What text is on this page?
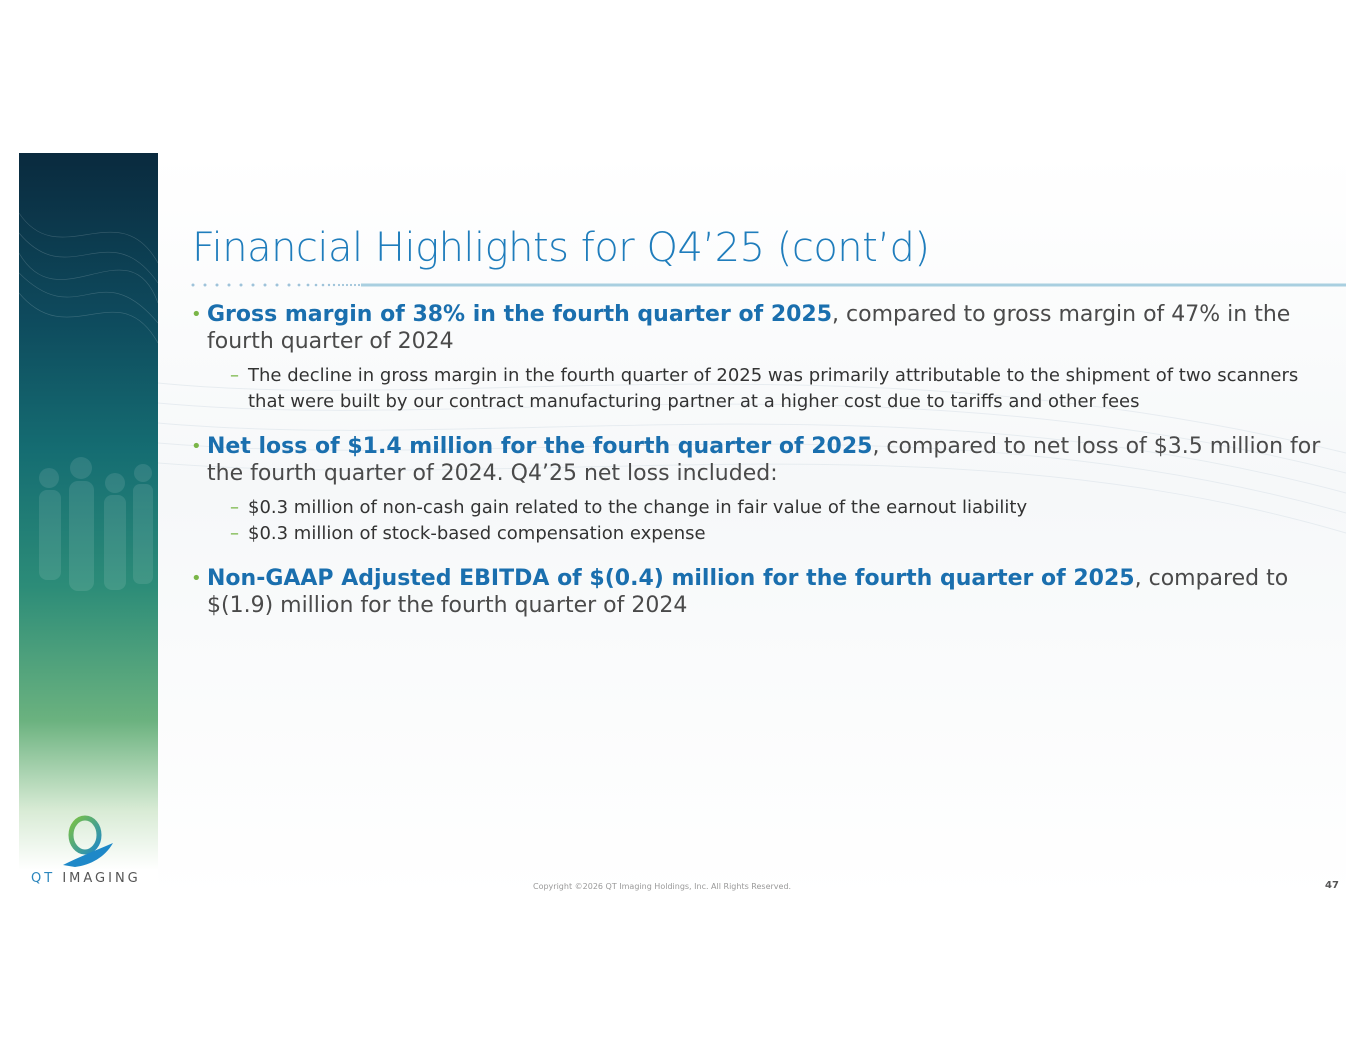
QT IMAGING
Financial Highlights for Q4’25 (cont’d)
• Gross margin of 38% in the fourth quarter of 2025, compared to gross margin of 47% in the fourth quarter of 2024
– The decline in gross margin in the fourth quarter of 2025 was primarily attributable to the shipment of two scanners that were built by our contract manufacturing partner at a higher cost due to tariffs and other fees
• Net loss of $1.4 million for the fourth quarter of 2025, compared to net loss of $3.5 million for the fourth quarter of 2024. Q4’25 net loss included:
– $0.3 million of non-cash gain related to the change in fair value of the earnout liability
– $0.3 million of stock-based compensation expense
• Non-GAAP Adjusted EBITDA of $(0.4) million for the fourth quarter of 2025, compared to $(1.9) million for the fourth quarter of 2024
Copyright ©2026 QT Imaging Holdings, Inc. All Rights Reserved.	47
